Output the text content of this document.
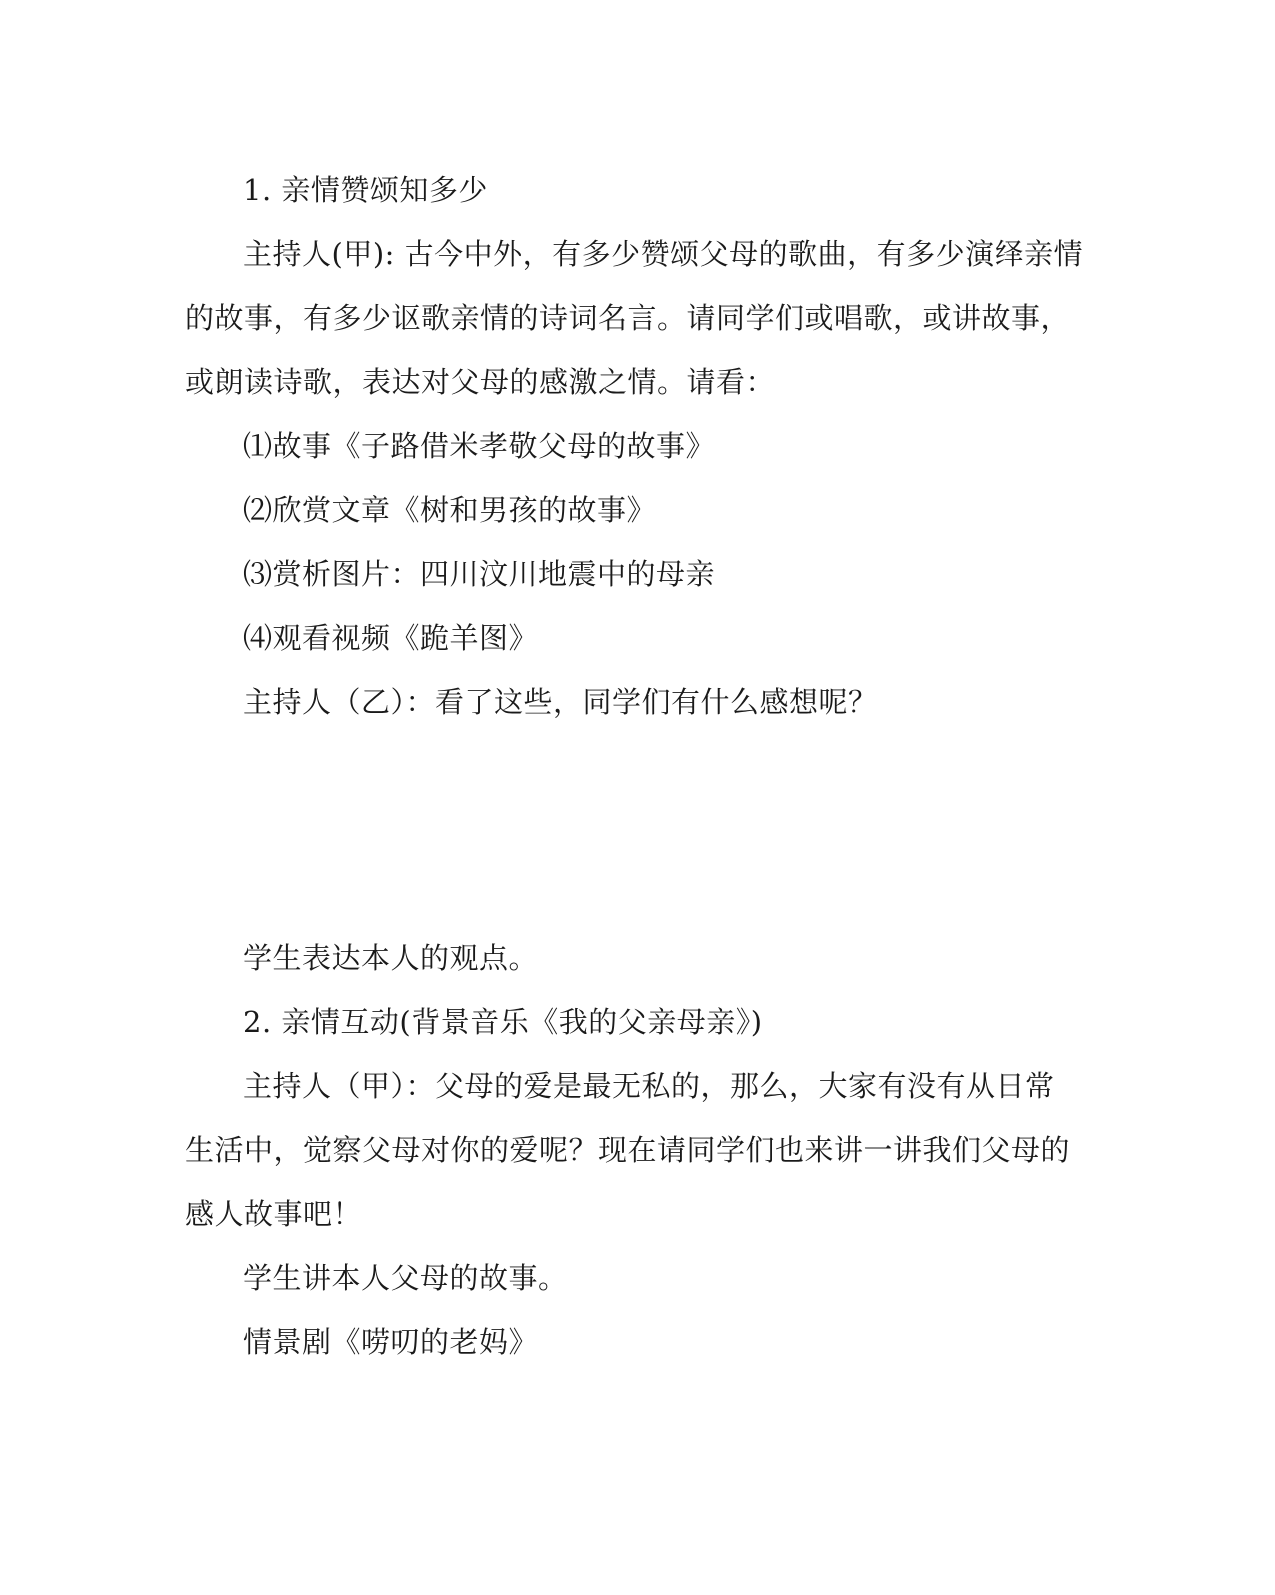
1. 亲情赞颂知多少
主持人(甲): 古今中外，有多少赞颂父母的歌曲，有多少演绎亲情
的故事，有多少讴歌亲情的诗词名言。请同学们或唱歌，或讲故事，
或朗读诗歌，表达对父母的感激之情。请看：
⑴故事《子路借米孝敬父母的故事》
⑵欣赏文章《树和男孩的故事》
⑶赏析图片：四川汶川地震中的母亲
⑷观看视频《跪羊图》
主持人（乙）：看了这些，同学们有什么感想呢？
学生表达本人的观点。
2. 亲情互动(背景音乐《我的父亲母亲》)
主持人（甲）：父母的爱是最无私的，那么，大家有没有从日常
生活中，觉察父母对你的爱呢？现在请同学们也来讲一讲我们父母的
感人故事吧！
学生讲本人父母的故事。
情景剧《唠叨的老妈》
